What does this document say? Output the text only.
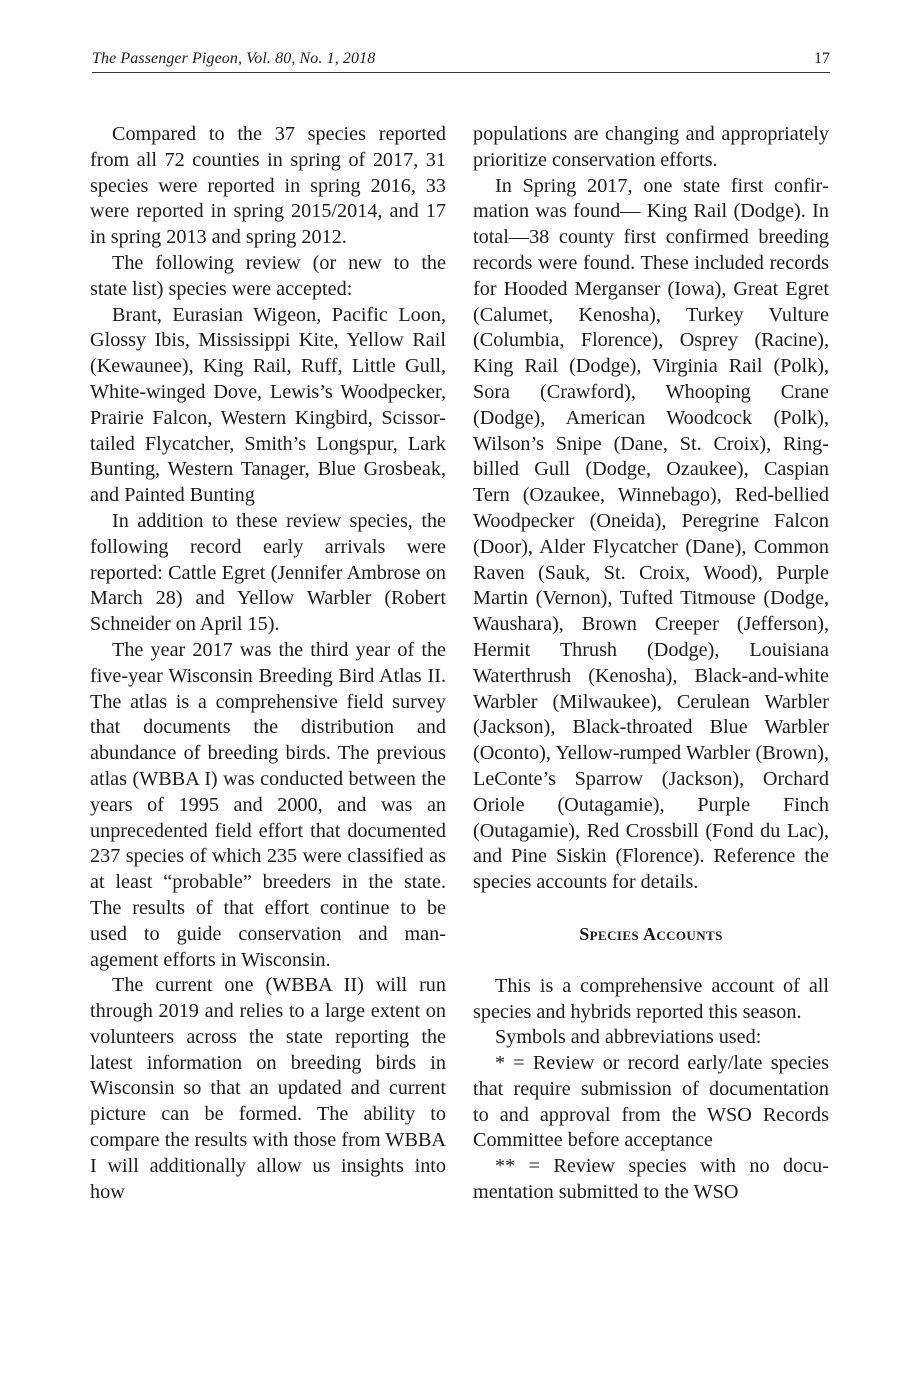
The Passenger Pigeon, Vol. 80, No. 1, 2018	17

Compared to the 37 species reported from all 72 counties in spring of 2017, 31 species were reported in spring 2016, 33 were reported in spring 2015/2014, and 17 in spring 2013 and spring 2012.

The following review (or new to the state list) species were accepted:

Brant, Eurasian Wigeon, Pacific Loon, Glossy Ibis, Mississippi Kite, Yellow Rail (Kewaunee), King Rail, Ruff, Little Gull, White-winged Dove, Lewis’s Woodpecker, Prairie Falcon, Western Kingbird, Scissor-tailed Flycatcher, Smith’s Longspur, Lark Bunting, Western Tanager, Blue Grosbeak, and Painted Bunting

In addition to these review species, the following record early arrivals were reported: Cattle Egret (Jennifer Ambrose on March 28) and Yellow Warbler (Robert Schneider on April 15).

The year 2017 was the third year of the five-year Wisconsin Breeding Bird Atlas II. The atlas is a comprehensive field survey that documents the distribution and abundance of breeding birds. The previous atlas (WBBA I) was conducted between the years of 1995 and 2000, and was an unprecedented field effort that documented 237 species of which 235 were classified as at least “probable” breeders in the state. The results of that effort continue to be used to guide conservation and management efforts in Wisconsin.

The current one (WBBA II) will run through 2019 and relies to a large extent on volunteers across the state reporting the latest information on breeding birds in Wisconsin so that an updated and current picture can be formed. The ability to compare the results with those from WBBA I will additionally allow us insights into how

populations are changing and appropriately prioritize conservation efforts.

In Spring 2017, one state first confirmation was found— King Rail (Dodge). In total—38 county first confirmed breeding records were found. These included records for Hooded Merganser (Iowa), Great Egret (Calumet, Kenosha), Turkey Vulture (Columbia, Florence), Osprey (Racine), King Rail (Dodge), Virginia Rail (Polk), Sora (Crawford), Whooping Crane (Dodge), American Woodcock (Polk), Wilson’s Snipe (Dane, St. Croix), Ring-billed Gull (Dodge, Ozaukee), Caspian Tern (Ozaukee, Winnebago), Red-bellied Woodpecker (Oneida), Peregrine Falcon (Door), Alder Flycatcher (Dane), Common Raven (Sauk, St. Croix, Wood), Purple Martin (Vernon), Tufted Titmouse (Dodge, Waushara), Brown Creeper (Jefferson), Hermit Thrush (Dodge), Louisiana Waterthrush (Kenosha), Black-and-white Warbler (Milwaukee), Cerulean Warbler (Jackson), Black-throated Blue Warbler (Oconto), Yellow-rumped Warbler (Brown), LeConte’s Sparrow (Jackson), Orchard Oriole (Outagamie), Purple Finch (Outagamie), Red Crossbill (Fond du Lac), and Pine Siskin (Florence). Reference the species accounts for details.

Species Accounts

This is a comprehensive account of all species and hybrids reported this season.

Symbols and abbreviations used:

* = Review or record early/late species that require submission of documentation to and approval from the WSO Records Committee before acceptance

** = Review species with no documentation submitted to the WSO
